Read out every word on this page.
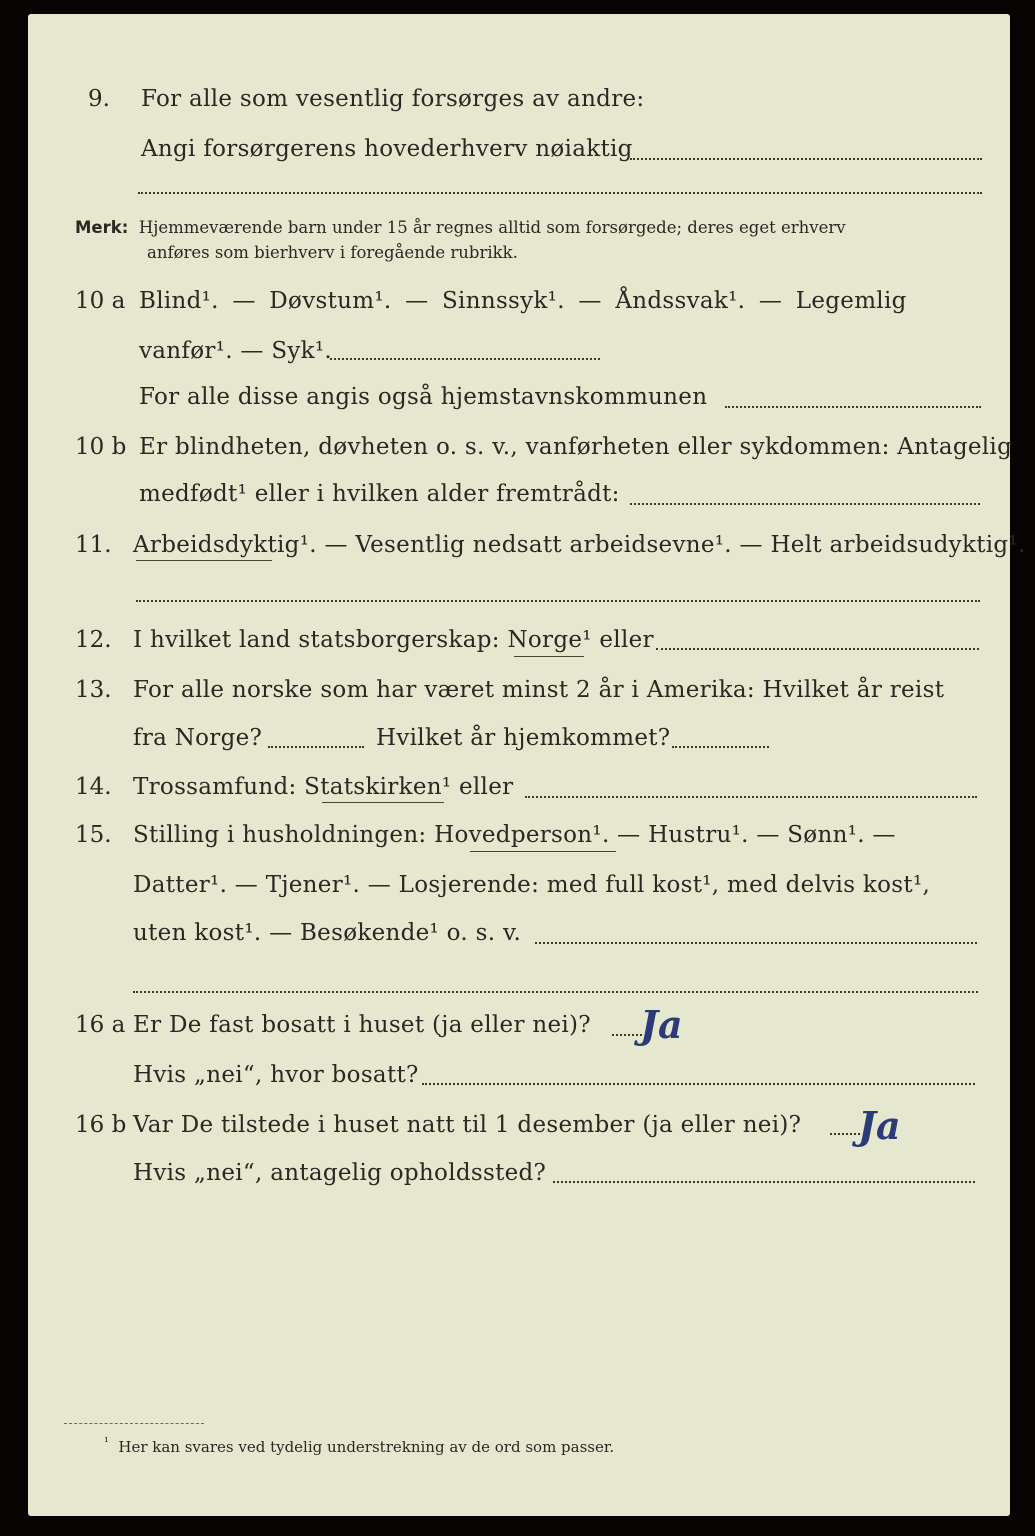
9. For alle som vesentlig forsørges av andre:
Angi forsørgerens hovederhverv nøiaktig
Merk: Hjemmeværende barn under 15 år regnes alltid som forsørgede; deres eget erhverv
anføres som bierhverv i foregående rubrikk.
10 a Blind¹. — Døvstum¹. — Sinnssyk¹. — Åndssvak¹. — Legemlig
vanfør¹. — Syk¹.
For alle disse angis også hjemstavnskommunen
10 b Er blindheten, døvheten o. s. v., vanførheten eller sykdommen: Antagelig
medfødt¹ eller i hvilken alder fremtrådt:
11. Arbeidsdyktig¹. — Vesentlig nedsatt arbeidsevne¹. — Helt arbeidsudyktig¹.
12. I hvilket land statsborgerskap: Norge¹ eller
13. For alle norske som har været minst 2 år i Amerika: Hvilket år reist
fra Norge?	Hvilket år hjemkommet?
14. Trossamfund: Statskirken¹ eller
15. Stilling i husholdningen: Hovedperson¹. — Hustru¹. — Sønn¹. —
Datter¹. — Tjener¹. — Losjerende: med full kost¹, med delvis kost¹,
uten kost¹. — Besøkende¹ o. s. v.
16 a Er De fast bosatt i huset (ja eller nei)? Ja
Hvis „nei“, hvor bosatt?
16 b Var De tilstede i huset natt til 1 desember (ja eller nei)? Ja
Hvis „nei“, antagelig opholdssted?
$^{^1}$ Her kan svares ved tydelig understrekning av de ord som passer.
